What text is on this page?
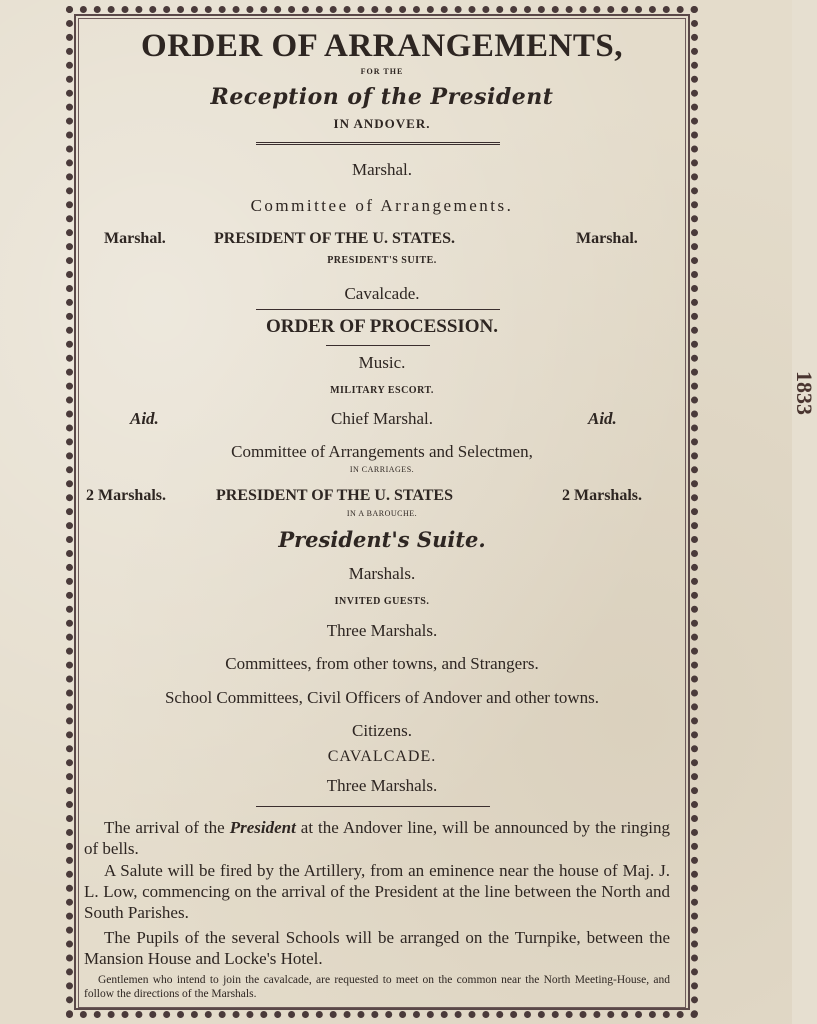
ORDER OF ARRANGEMENTS,
FOR THE
Reception of the President
IN ANDOVER.
Marshal.
Committee of Arrangements.
Marshal.	PRESIDENT OF THE U. STATES.	Marshal.
PRESIDENT'S SUITE.
Cavalcade.
ORDER OF PROCESSION.
Music.
MILITARY ESCORT.
Aid.	Chief Marshal.	Aid.
Committee of Arrangements and Selectmen,
IN CARRIAGES.
2 Marshals.	PRESIDENT OF THE U. STATES	2 Marshals.
IN A BAROUCHE.
President's Suite.
Marshals.
INVITED GUESTS.
Three Marshals.
Committees, from other towns, and Strangers.
School Committees, Civil Officers of Andover and other towns.
Citizens.
CAVALCADE.
Three Marshals.
The arrival of the President at the Andover line, will be announced by the ringing of bells.
A Salute will be fired by the Artillery, from an eminence near the house of Maj. J. L. Low, commencing on the arrival of the President at the line between the North and South Parishes.
The Pupils of the several Schools will be arranged on the Turnpike, between the Mansion House and Locke's Hotel.
Gentlemen who intend to join the cavalcade, are requested to meet on the common near the North Meeting-House, and follow the directions of the Marshals.
1833
